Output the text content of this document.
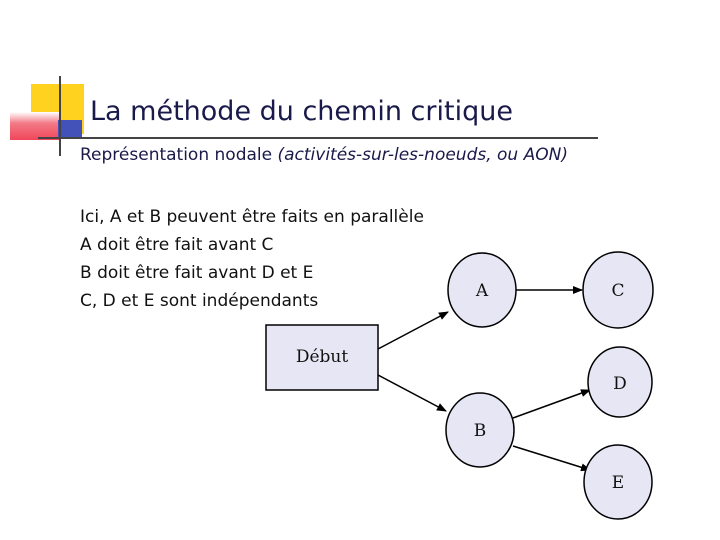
La méthode du chemin critique
Représentation nodale (activités-sur-les-noeuds, ou AON)
Ici, A et B peuvent être faits en parallèle
A doit être fait avant C
B doit être fait avant D et E
C, D et E sont indépendants
Début
A	C
D
B
E
